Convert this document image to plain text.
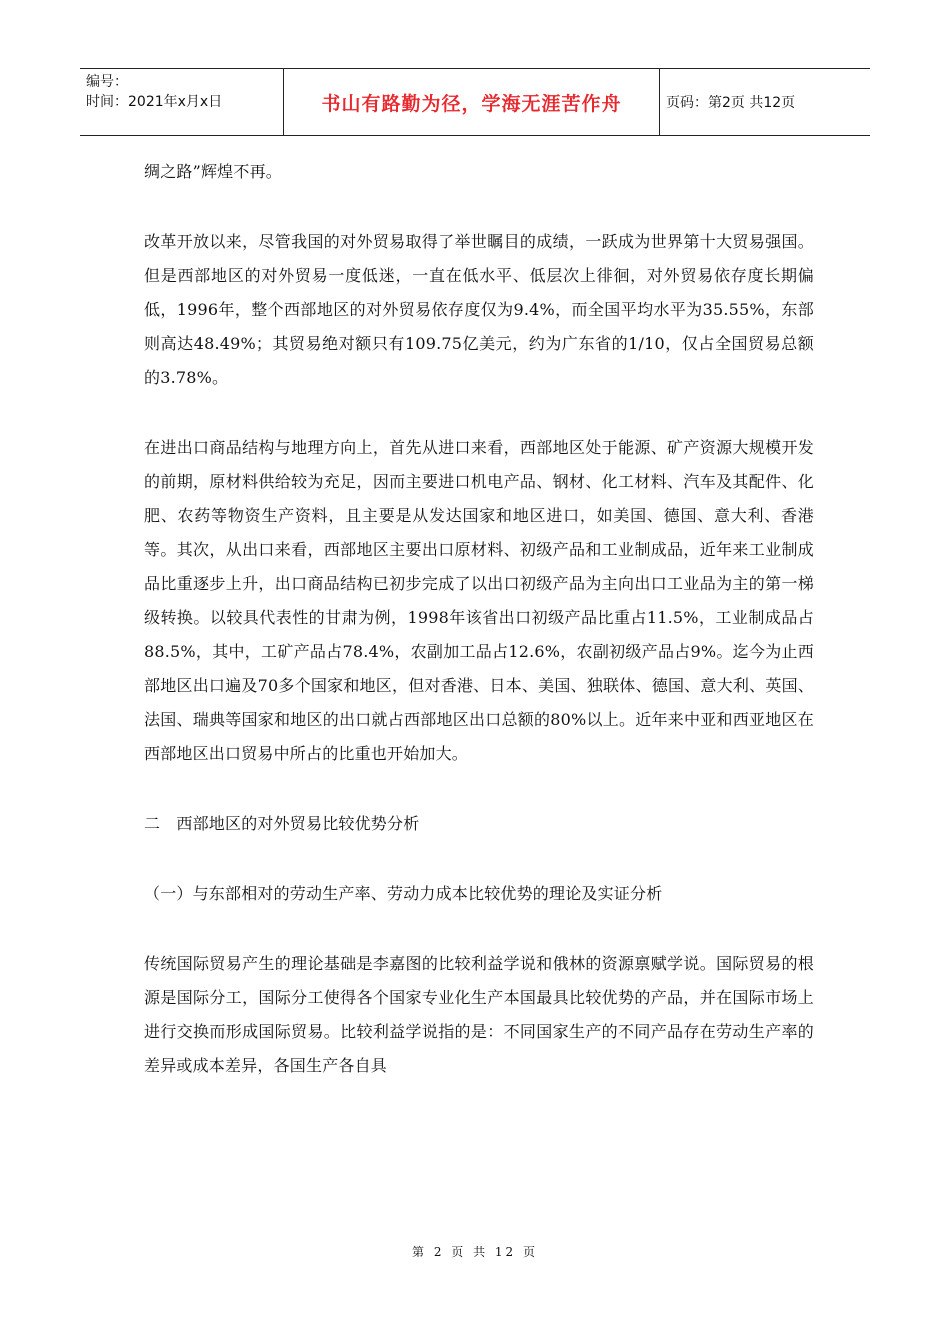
编号：
时间：2021年x月x日	书山有路勤为径，学海无涯苦作舟	页码：第2页 共12页

绸之路”辉煌不再。

改革开放以来，尽管我国的对外贸易取得了举世瞩目的成绩，一跃成为世界第十大贸易强国。但是西部地区的对外贸易一度低迷，一直在低水平、低层次上徘徊，对外贸易依存度长期偏低，1996年，整个西部地区的对外贸易依存度仅为9.4%，而全国平均水平为35.55%，东部则高达48.49%；其贸易绝对额只有109.75亿美元，约为广东省的1/10，仅占全国贸易总额的3.78%。

在进出口商品结构与地理方向上，首先从进口来看，西部地区处于能源、矿产资源大规模开发的前期，原材料供给较为充足，因而主要进口机电产品、钢材、化工材料、汽车及其配件、化肥、农药等物资生产资料，且主要是从发达国家和地区进口，如美国、德国、意大利、香港等。其次，从出口来看，西部地区主要出口原材料、初级产品和工业制成品，近年来工业制成品比重逐步上升，出口商品结构已初步完成了以出口初级产品为主向出口工业品为主的第一梯级转换。以较具代表性的甘肃为例，1998年该省出口初级产品比重占11.5%，工业制成品占88.5%，其中，工矿产品占78.4%，农副加工品占12.6%，农副初级产品占9%。迄今为止西部地区出口遍及70多个国家和地区，但对香港、日本、美国、独联体、德国、意大利、英国、法国、瑞典等国家和地区的出口就占西部地区出口总额的80%以上。近年来中亚和西亚地区在西部地区出口贸易中所占的比重也开始加大。

二　西部地区的对外贸易比较优势分析

（一）与东部相对的劳动生产率、劳动力成本比较优势的理论及实证分析

传统国际贸易产生的理论基础是李嘉图的比较利益学说和俄林的资源禀赋学说。国际贸易的根源是国际分工，国际分工使得各个国家专业化生产本国最具比较优势的产品，并在国际市场上进行交换而形成国际贸易。比较利益学说指的是：不同国家生产的不同产品存在劳动生产率的差异或成本差异，各国生产各自具

第 2 页 共 12 页
